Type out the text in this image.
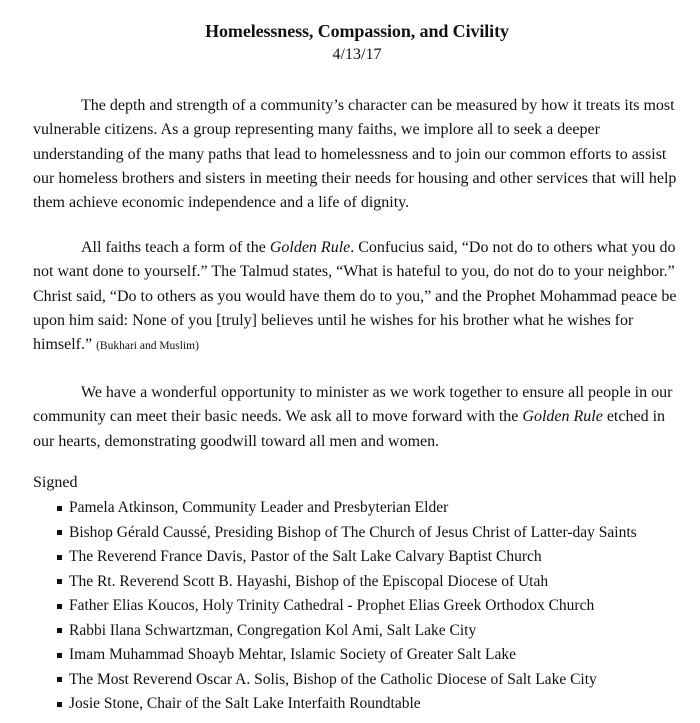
Homelessness, Compassion, and Civility
4/13/17

The depth and strength of a community’s character can be measured by how it treats its most
vulnerable citizens. As a group representing many faiths, we implore all to seek a deeper
understanding of the many paths that lead to homelessness and to join our common efforts to assist
our homeless brothers and sisters in meeting their needs for housing and other services that will help
them achieve economic independence and a life of dignity.

All faiths teach a form of the Golden Rule. Confucius said, “Do not do to others what you do
not want done to yourself.” The Talmud states, “What is hateful to you, do not do to your neighbor.”
Christ said, “Do to others as you would have them do to you,” and the Prophet Mohammad peace be
upon him said: None of you [truly] believes until he wishes for his brother what he wishes for
himself.” (Bukhari and Muslim)

We have a wonderful opportunity to minister as we work together to ensure all people in our
community can meet their basic needs. We ask all to move forward with the Golden Rule etched in
our hearts, demonstrating goodwill toward all men and women.

Signed
Pamela Atkinson, Community Leader and Presbyterian Elder
Bishop Gérald Caussé, Presiding Bishop of The Church of Jesus Christ of Latter-day Saints
The Reverend France Davis, Pastor of the Salt Lake Calvary Baptist Church
The Rt. Reverend Scott B. Hayashi, Bishop of the Episcopal Diocese of Utah
Father Elias Koucos, Holy Trinity Cathedral - Prophet Elias Greek Orthodox Church
Rabbi Ilana Schwartzman, Congregation Kol Ami, Salt Lake City
Imam Muhammad Shoayb Mehtar, Islamic Society of Greater Salt Lake
The Most Reverend Oscar A. Solis, Bishop of the Catholic Diocese of Salt Lake City
Josie Stone, Chair of the Salt Lake Interfaith Roundtable
